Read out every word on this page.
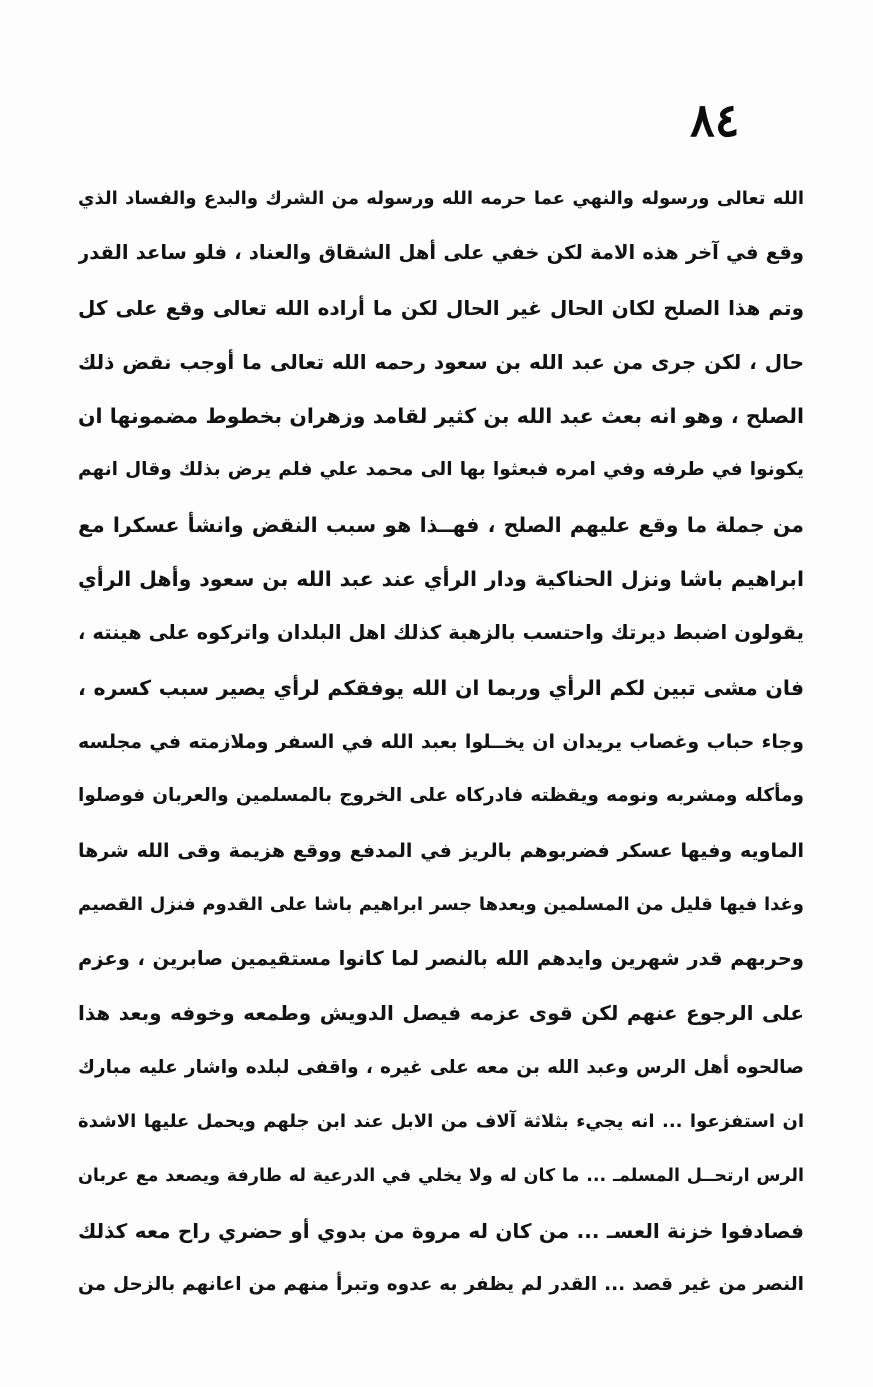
٨٤
الله تعالى ورسوله والنهي عما حرمه الله ورسوله من الشرك والبدع والفساد الذي
وقع في آخر هذه الامة لكن خفي على أهل الشقاق والعناد ، فلو ساعد القدر
وتم هذا الصلح لكان الحال غير الحال لكن ما أراده الله تعالى وقع على كل
حال ، لكن جرى من عبد الله بن سعود رحمه الله تعالى ما أوجب نقض ذلك
الصلح ، وهو انه بعث عبد الله بن كثير لقامد وزهران بخطوط مضمونها ان
يكونوا في طرفه وفي امره فبعثوا بها الى محمد علي فلم يرض بذلك وقال انهم
من جملة ما وقع عليهم الصلح ، فهــذا هو سبب النقض وانشأ عسكرا مع
ابراهيم باشا ونزل الحناكية ودار الرأي عند عبد الله بن سعود وأهل الرأي
يقولون اضبط ديرتك واحتسب بالزهبة كذلك اهل البلدان واتركوه على هينته ،
فان مشى تبين لكم الرأي وربما ان الله يوفقكم لرأي يصير سبب كسره ،
وجاء حباب وغصاب يريدان ان يخــلوا بعبد الله في السفر وملازمته في مجلسه
ومأكله ومشربه ونومه ويقظته فادركاه على الخروج بالمسلمين والعربان فوصلوا
الماويه وفيها عسكر فضربوهم بالريز في المدفع ووقع هزيمة وقى الله شرها
وغدا فيها قليل من المسلمين وبعدها جسر ابراهيم باشا على القدوم فنزل القصيم
وحربهم قدر شهرين وايدهم الله بالنصر لما كانوا مستقيمين صابرين ، وعزم
على الرجوع عنهم لكن قوى عزمه فيصل الدويش وطمعه وخوفه وبعد هذا
صالحوه أهل الرس وعبد الله بن معه على غيره ، واقفى لبلده واشار عليه مبارك
ان استفزعوا ... انه يجيء بثلاثة آلاف من الابل عند ابن جلهم ويحمل عليها الاشدة
الرس ارتحــل المسلمـ ... ما كان له ولا يخلي في الدرعية له طارفة ويصعد مع عربان
فصادفوا خزنة العسـ ... من كان له مروة من بدوي أو حضري راح معه كذلك
النصر من غير قصد ... القدر لم يظفر به عدوه وتبرأ منهم من اعانهم بالزحل من
